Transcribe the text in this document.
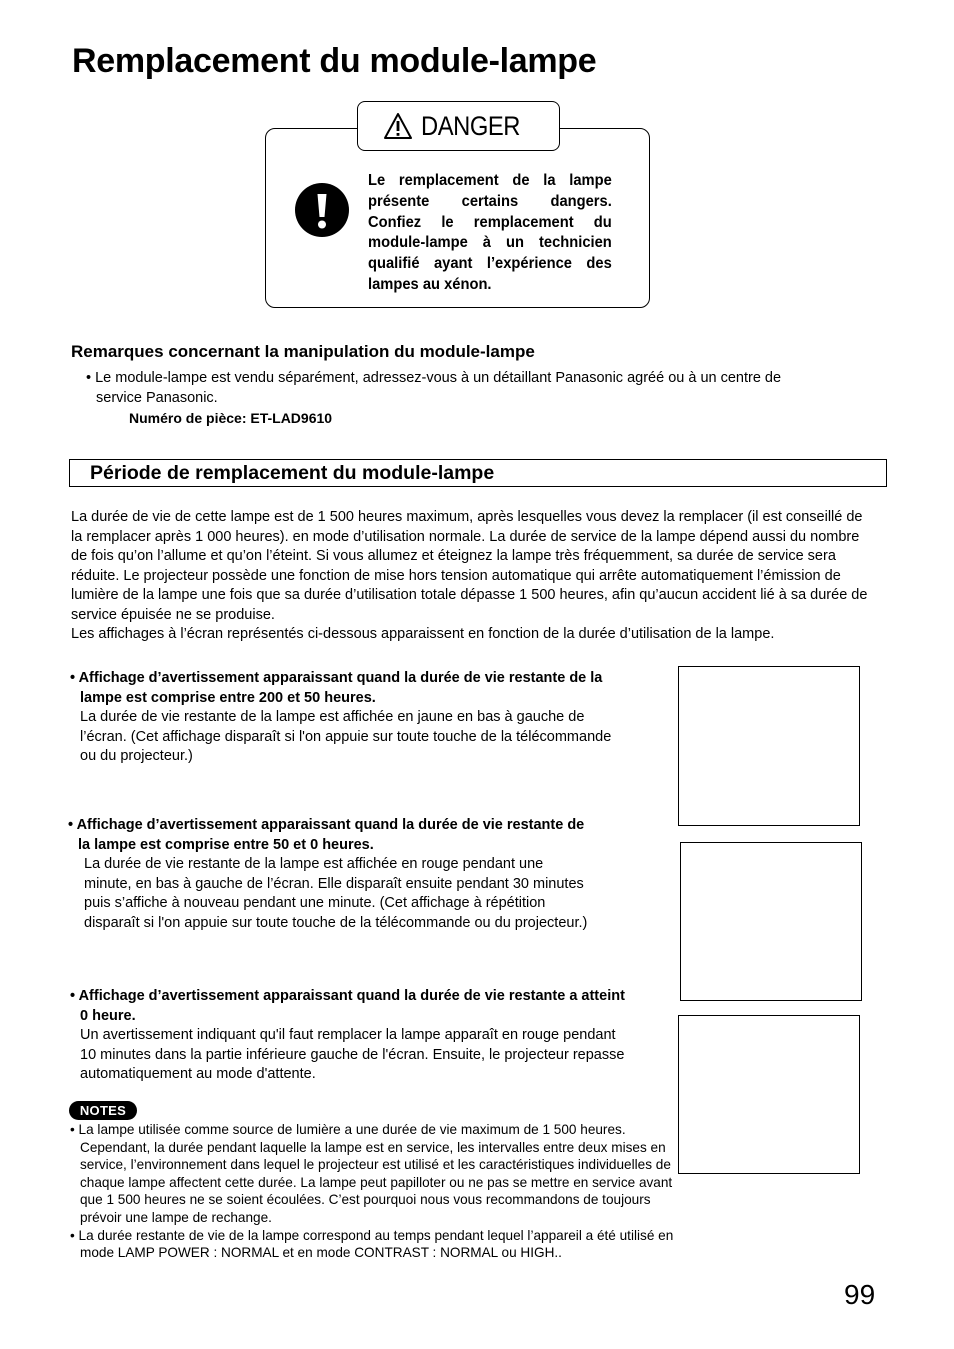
Remplacement du module-lampe
DANGER
Le remplacement de la lampe présente certains dangers. Confiez le remplacement du module-lampe à un technicien qualifié ayant l’expérience des lampes au xénon.
Remarques concernant la manipulation du module-lampe
• Le module-lampe est vendu séparément, adressez-vous à un détaillant Panasonic agréé ou à un centre de service Panasonic.
Numéro de pièce: ET-LAD9610
Période de remplacement du module-lampe
La durée de vie de cette lampe est de 1 500 heures maximum, après lesquelles vous devez la remplacer (il est conseillé de la remplacer après 1 000 heures). en mode d’utilisation normale. La durée de service de la lampe dépend aussi du nombre de fois qu’on l’allume et qu’on l’éteint. Si vous allumez et éteignez la lampe très fréquemment, sa durée de service sera réduite. Le projecteur possède une fonction de mise hors tension automatique qui arrête automatiquement l’émission de lumière de la lampe une fois que sa durée d’utilisation totale dépasse 1 500 heures, afin qu’aucun accident lié à sa durée de service épuisée ne se produise.
Les affichages à l’écran représentés ci-dessous apparaissent en fonction de la durée d’utilisation de la lampe.
• Affichage d’avertissement apparaissant quand la durée de vie restante de la lampe est comprise entre 200 et 50 heures.
La durée de vie restante de la lampe est affichée en jaune en bas à gauche de l’écran. (Cet affichage disparaît si l'on appuie sur toute touche de la télécommande ou du projecteur.)
• Affichage d’avertissement apparaissant quand la durée de vie restante de la lampe est comprise entre 50 et 0 heures.
La durée de vie restante de la lampe est affichée en rouge pendant une minute, en bas à gauche de l’écran. Elle disparaît ensuite pendant 30 minutes puis s’affiche à nouveau pendant une minute. (Cet affichage à répétition disparaît si l'on appuie sur toute touche de la télécommande ou du projecteur.)
• Affichage d’avertissement apparaissant quand la durée de vie restante a atteint 0 heure.
Un avertissement indiquant qu'il faut remplacer la lampe apparaît en rouge pendant 10 minutes dans la partie inférieure gauche de l'écran. Ensuite, le projecteur repasse automatiquement au mode d'attente.
NOTES

• La lampe utilisée comme source de lumière a une durée de vie maximum de 1 500 heures. Cependant, la durée pendant laquelle la lampe est en service, les intervalles entre deux mises en service, l’environnement dans lequel le projecteur est utilisé et les caractéristiques individuelles de chaque lampe affectent cette durée. La lampe peut papilloter ou ne pas se mettre en service avant que 1 500 heures ne se soient écoulées. C’est pourquoi nous vous recommandons de toujours prévoir une lampe de rechange.

• La durée restante de vie de la lampe correspond au temps pendant lequel l’appareil a été utilisé en mode LAMP POWER : NORMAL et en mode CONTRAST : NORMAL ou HIGH..

99
